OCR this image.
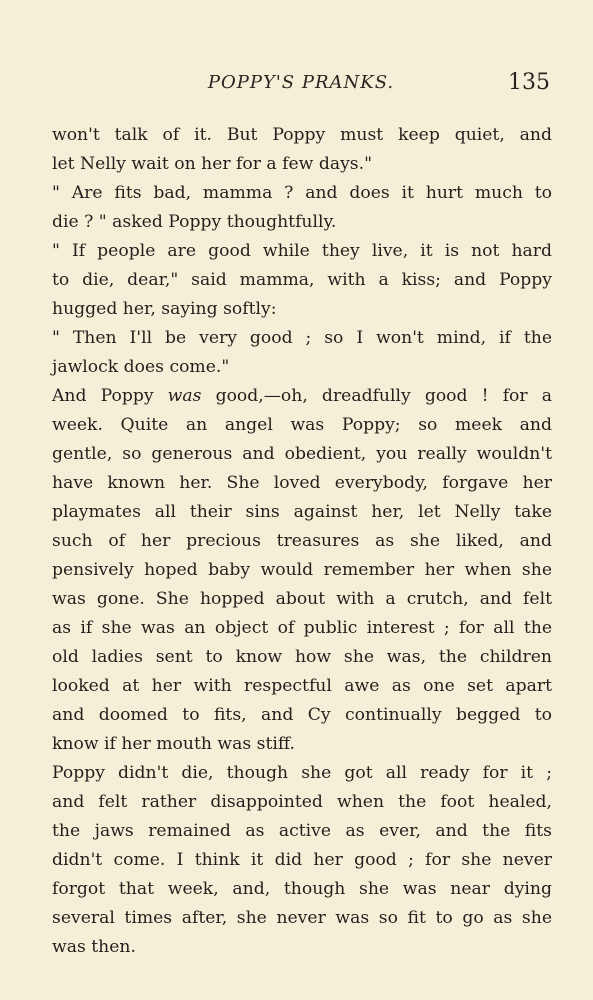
POPPY'S PRANKS.	135
won't talk of it. But Poppy must keep quiet, and
let Nelly wait on her for a few days."
" Are fits bad, mamma ? and does it hurt much to
die ? " asked Poppy thoughtfully.
" If people are good while they live, it is not hard
to die, dear," said mamma, with a kiss; and Poppy
hugged her, saying softly:
" Then I'll be very good ; so I won't mind, if the
jawlock does come."
And Poppy was good,—oh, dreadfully good ! for a
week. Quite an angel was Poppy; so meek and
gentle, so generous and obedient, you really wouldn't
have known her. She loved everybody, forgave her
playmates all their sins against her, let Nelly take
such of her precious treasures as she liked, and
pensively hoped baby would remember her when she
was gone. She hopped about with a crutch, and felt
as if she was an object of public interest ; for all the
old ladies sent to know how she was, the children
looked at her with respectful awe as one set apart
and doomed to fits, and Cy continually begged to
know if her mouth was stiff.
Poppy didn't die, though she got all ready for it ;
and felt rather disappointed when the foot healed,
the jaws remained as active as ever, and the fits
didn't come. I think it did her good ; for she never
forgot that week, and, though she was near dying
several times after, she never was so fit to go as she
was then.
